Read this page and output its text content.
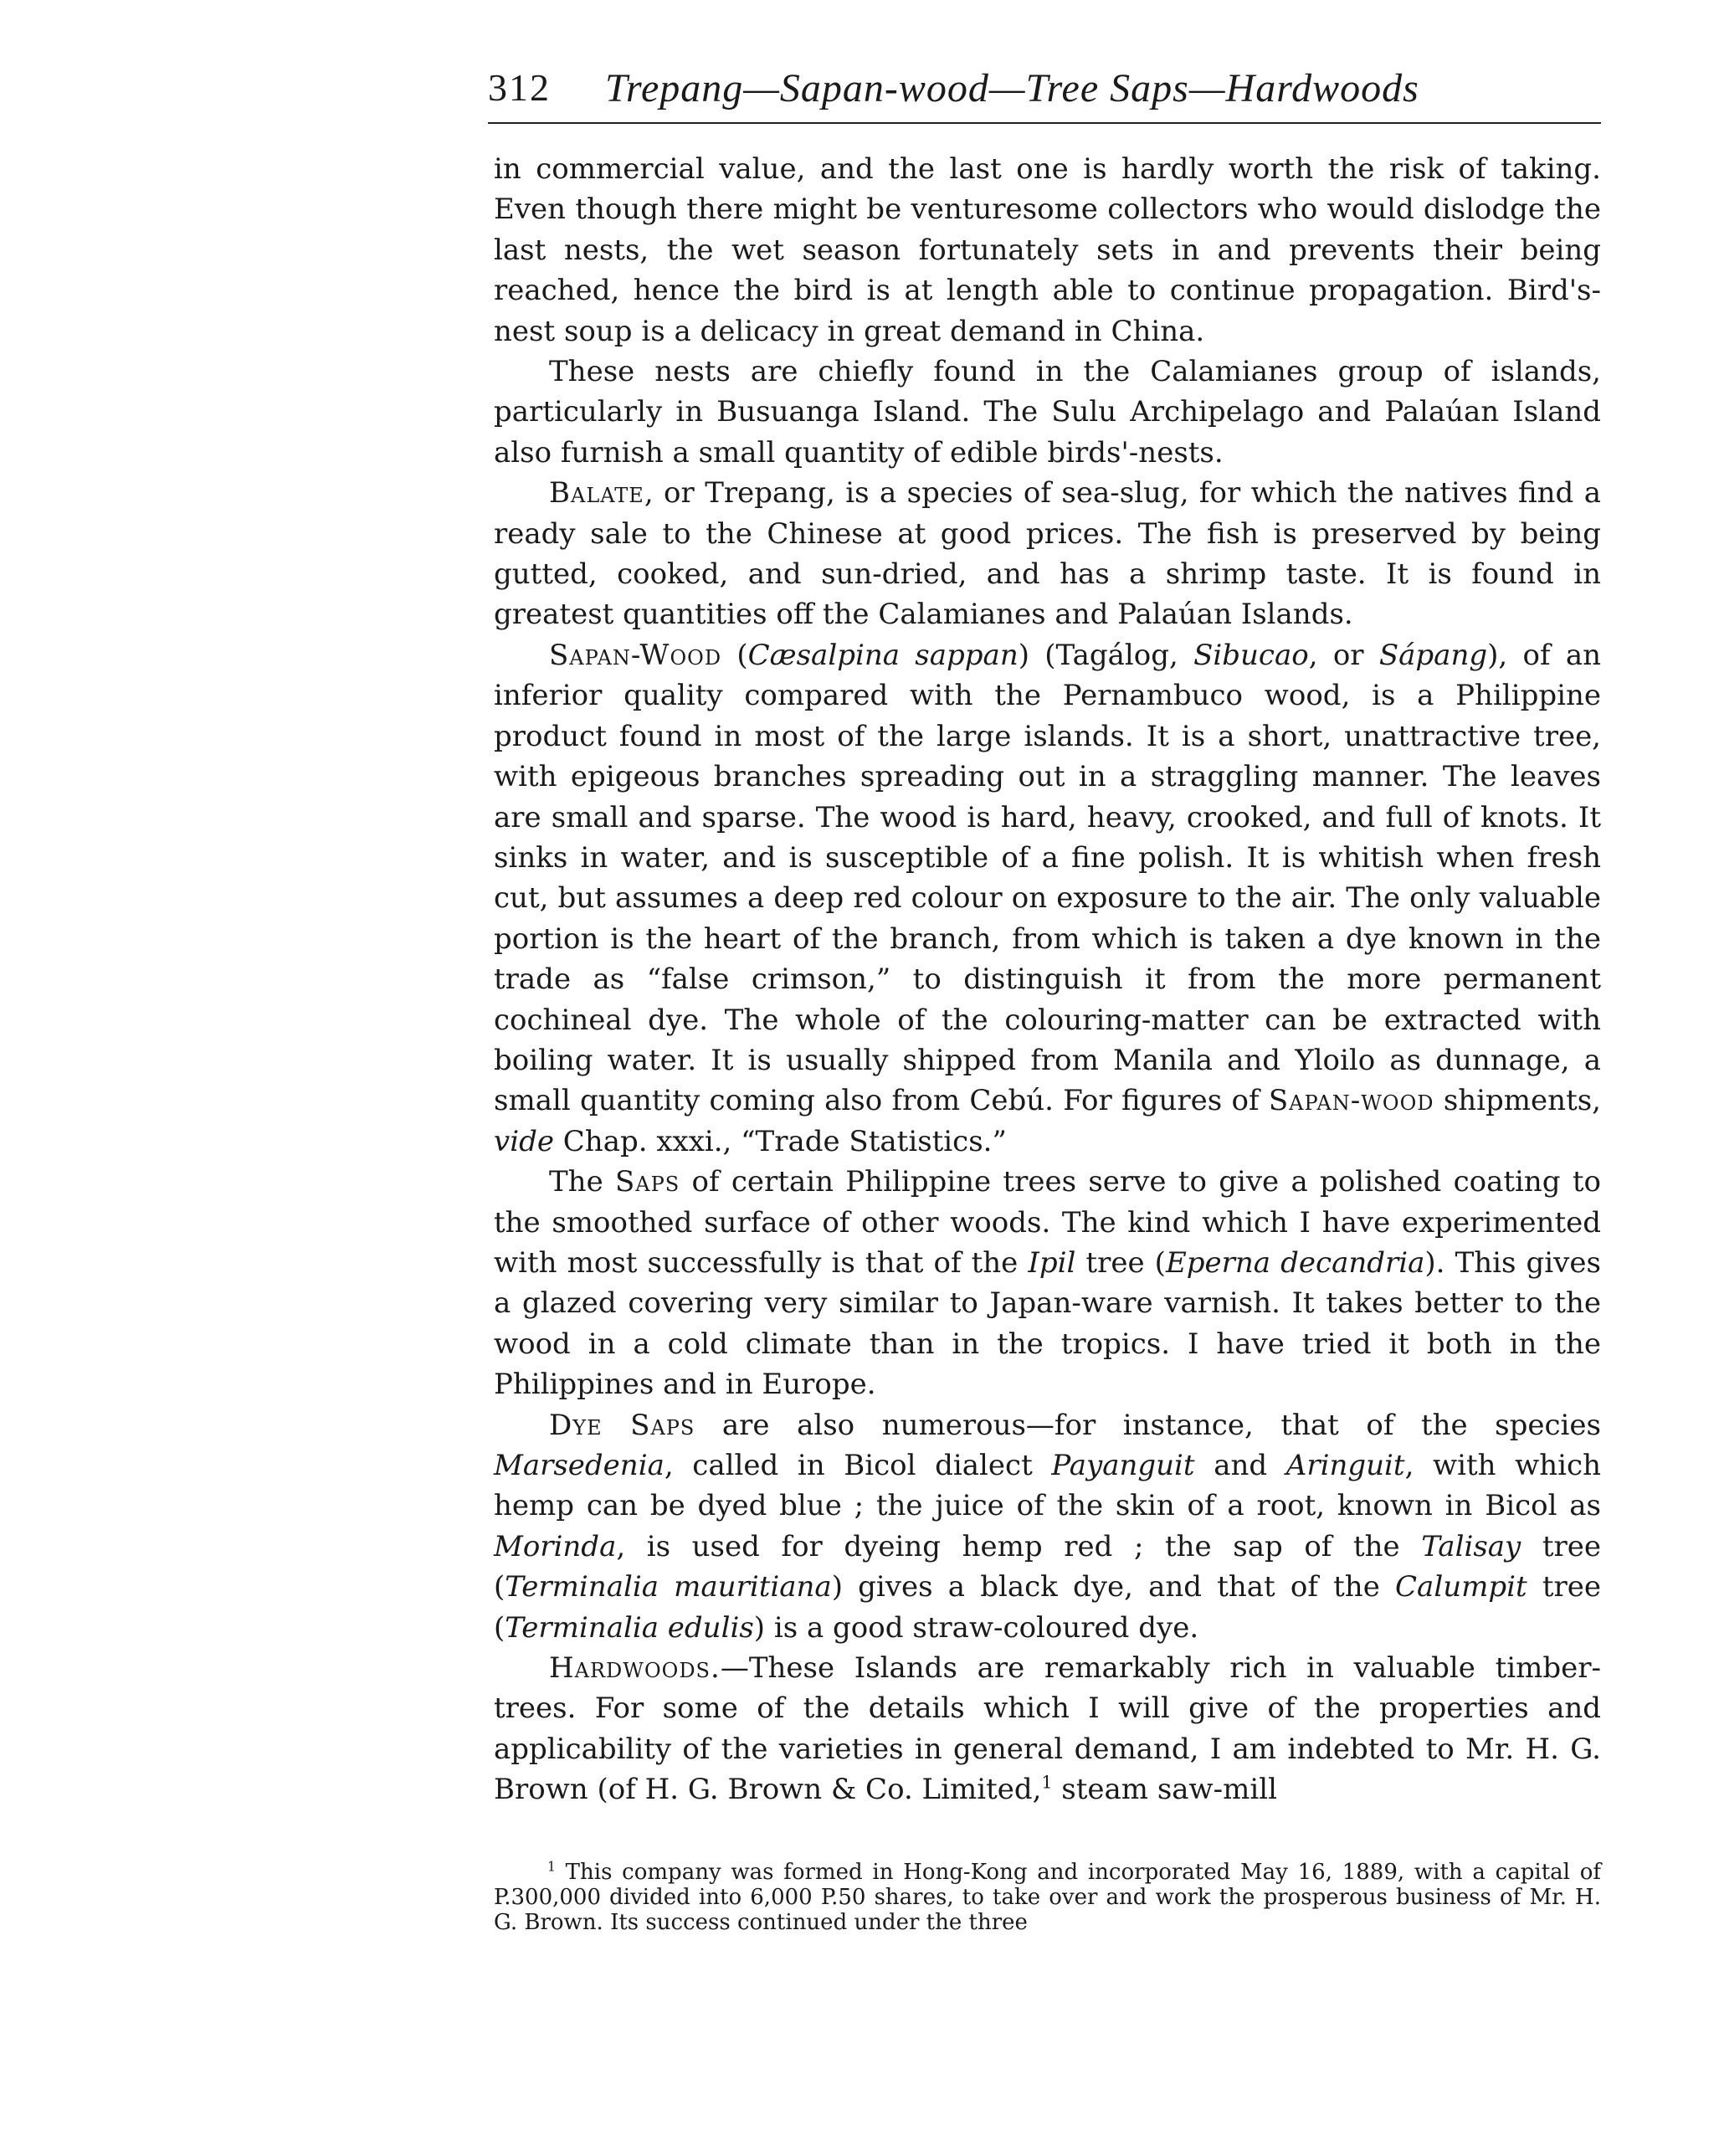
312 Trepang—Sapan-wood—Tree Saps—Hardwoods

in commercial value, and the last one is hardly worth the risk of taking. Even though there might be venturesome collectors who would dislodge the last nests, the wet season fortunately sets in and prevents their being reached, hence the bird is at length able to continue propagation. Bird's-nest soup is a delicacy in great demand in China.

These nests are chiefly found in the Calamianes group of islands, particularly in Busuanga Island. The Sulu Archipelago and Palaúan Island also furnish a small quantity of edible birds'-nests.

Balate, or Trepang, is a species of sea-slug, for which the natives find a ready sale to the Chinese at good prices. The fish is preserved by being gutted, cooked, and sun-dried, and has a shrimp taste. It is found in greatest quantities off the Calamianes and Palaúan Islands.

Sapan-Wood (Cæsalpina sappan) (Tagálog, Sibucao, or Sápang), of an inferior quality compared with the Pernambuco wood, is a Philippine product found in most of the large islands. It is a short, unattractive tree, with epigeous branches spreading out in a straggling manner. The leaves are small and sparse. The wood is hard, heavy, crooked, and full of knots. It sinks in water, and is susceptible of a fine polish. It is whitish when fresh cut, but assumes a deep red colour on exposure to the air. The only valuable portion is the heart of the branch, from which is taken a dye known in the trade as “false crimson,” to distinguish it from the more permanent cochineal dye. The whole of the colouring-matter can be extracted with boiling water. It is usually shipped from Manila and Yloilo as dunnage, a small quantity coming also from Cebú. For figures of Sapan-wood shipments, vide Chap. xxxi., “Trade Statistics.”

The Saps of certain Philippine trees serve to give a polished coating to the smoothed surface of other woods. The kind which I have experimented with most successfully is that of the Ipil tree (Eperna decandria). This gives a glazed covering very similar to Japan-ware varnish. It takes better to the wood in a cold climate than in the tropics. I have tried it both in the Philippines and in Europe.

Dye Saps are also numerous—for instance, that of the species Marsedenia, called in Bicol dialect Payanguit and Aringuit, with which hemp can be dyed blue ; the juice of the skin of a root, known in Bicol as Morinda, is used for dyeing hemp red ; the sap of the Talisay tree (Terminalia mauritiana) gives a black dye, and that of the Calumpit tree (Terminalia edulis) is a good straw-coloured dye.

Hardwoods.—These Islands are remarkably rich in valuable timber-trees. For some of the details which I will give of the properties and applicability of the varieties in general demand, I am indebted to Mr. H. G. Brown (of H. G. Brown & Co. Limited,$^1$ steam saw-mill

$^1$ This company was formed in Hong-Kong and incorporated May 16, 1889, with a capital of P.300,000 divided into 6,000 P.50 shares, to take over and work the prosperous business of Mr. H. G. Brown. Its success continued under the three
